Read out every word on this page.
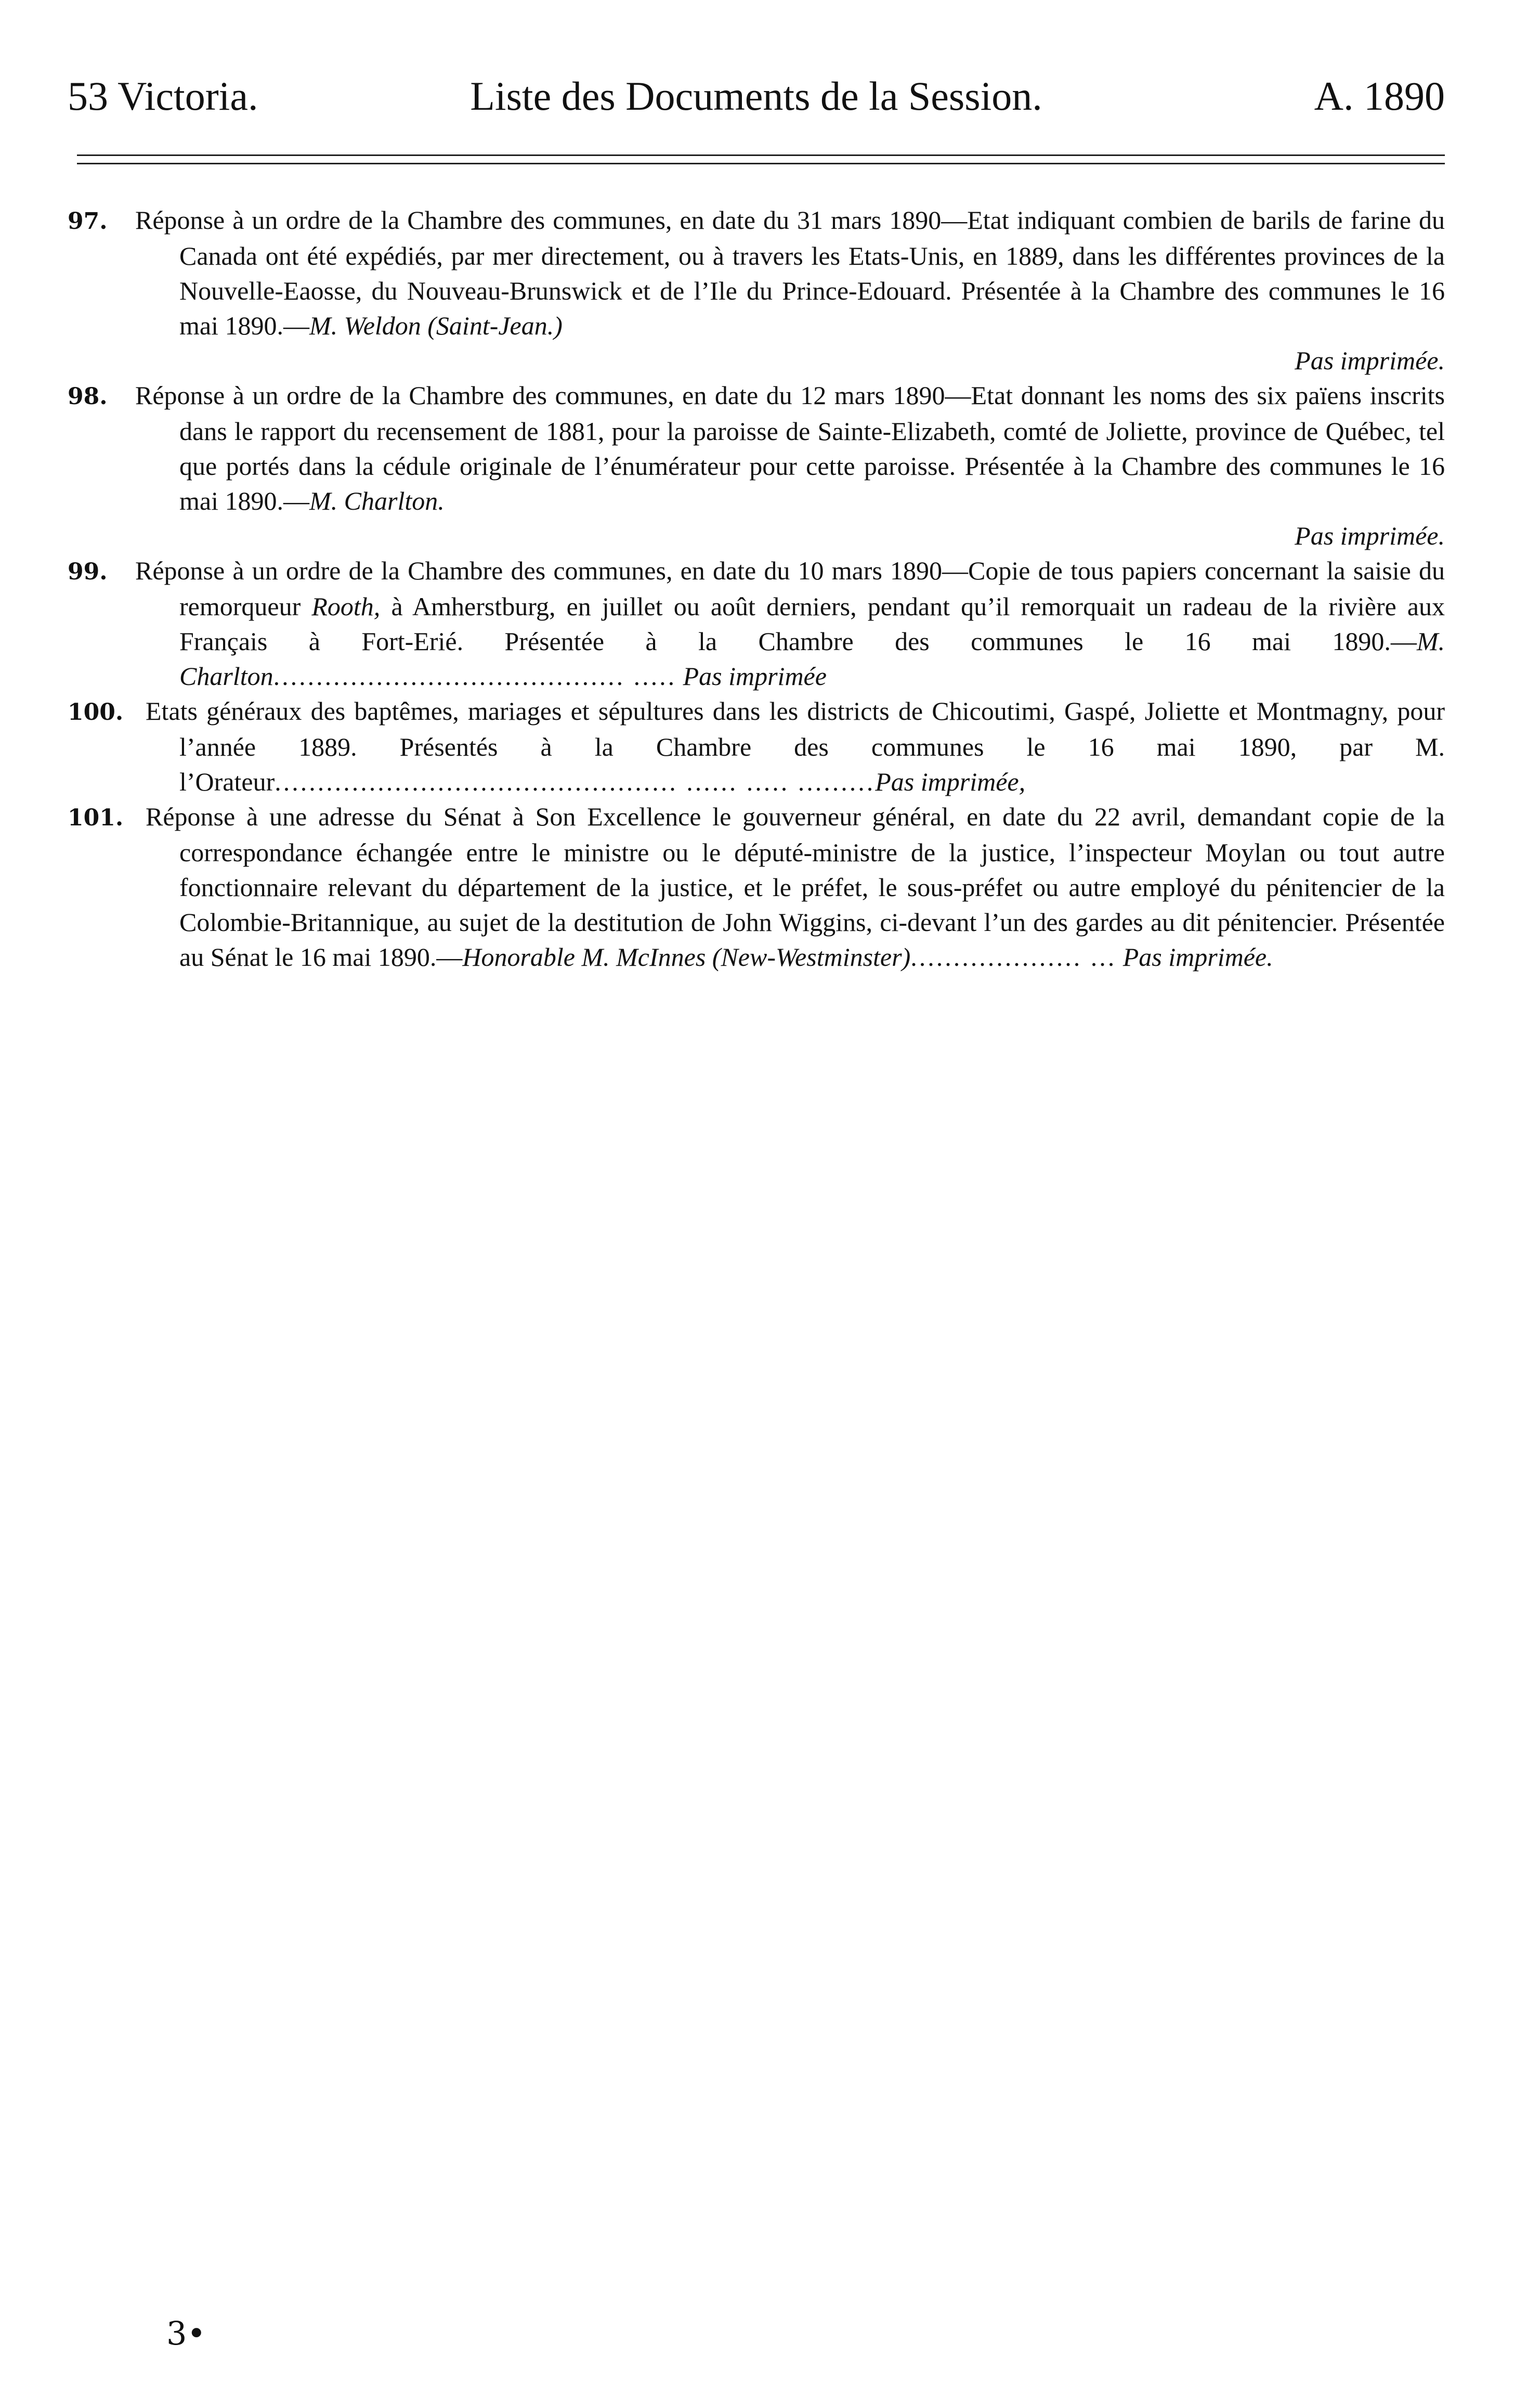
53 Victoria.	Liste des Documents de la Session.	A. 1890

97. Réponse à un ordre de la Chambre des communes, en date du 31 mars 1890—Etat indiquant combien de barils de farine du Canada ont été expédiés, par mer directement, ou à travers les Etats-Unis, en 1889, dans les différentes provinces de la Nouvelle-Eaosse, du Nouveau-Brunswick et de l’Ile du Prince-Edouard. Présentée à la Chambre des communes le 16 mai 1890.—M. Weldon (Saint-Jean.)
Pas imprimée.

98. Réponse à un ordre de la Chambre des communes, en date du 12 mars 1890—Etat donnant les noms des six païens inscrits dans le rapport du recensement de 1881, pour la paroisse de Sainte-Elizabeth, comté de Joliette, province de Québec, tel que portés dans la cédule originale de l’énumérateur pour cette paroisse. Présentée à la Chambre des communes le 16 mai 1890.—M. Charlton.
Pas imprimée.

99. Réponse à un ordre de la Chambre des communes, en date du 10 mars 1890—Copie de tous papiers concernant la saisie du remorqueur Rooth, à Amherstburg, en juillet ou août derniers, pendant qu’il remorquait un radeau de la rivière aux Français à Fort-Erié. Présentée à la Chambre des communes le 16 mai 1890.—M. Charlton......................................... ..... Pas imprimée

100. Etats généraux des baptêmes, mariages et sépultures dans les districts de Chicoutimi, Gaspé, Joliette et Montmagny, pour l’année 1889. Présentés à la Chambre des communes le 16 mai 1890, par M. l’Orateur............................................... ...... ..... .........Pas imprimée,

101. Réponse à une adresse du Sénat à Son Excellence le gouverneur général, en date du 22 avril, demandant copie de la correspondance échangée entre le ministre ou le député-ministre de la justice, l’inspecteur Moylan ou tout autre fonctionnaire relevant du département de la justice, et le préfet, le sous-préfet ou autre employé du pénitencier de la Colombie-Britannique, au sujet de la destitution de John Wiggins, ci-devant l’un des gardes au dit pénitencier. Présentée au Sénat le 16 mai 1890.—Honorable M. McInnes (New-Westminster).................... ... Pas imprimée.

3•
